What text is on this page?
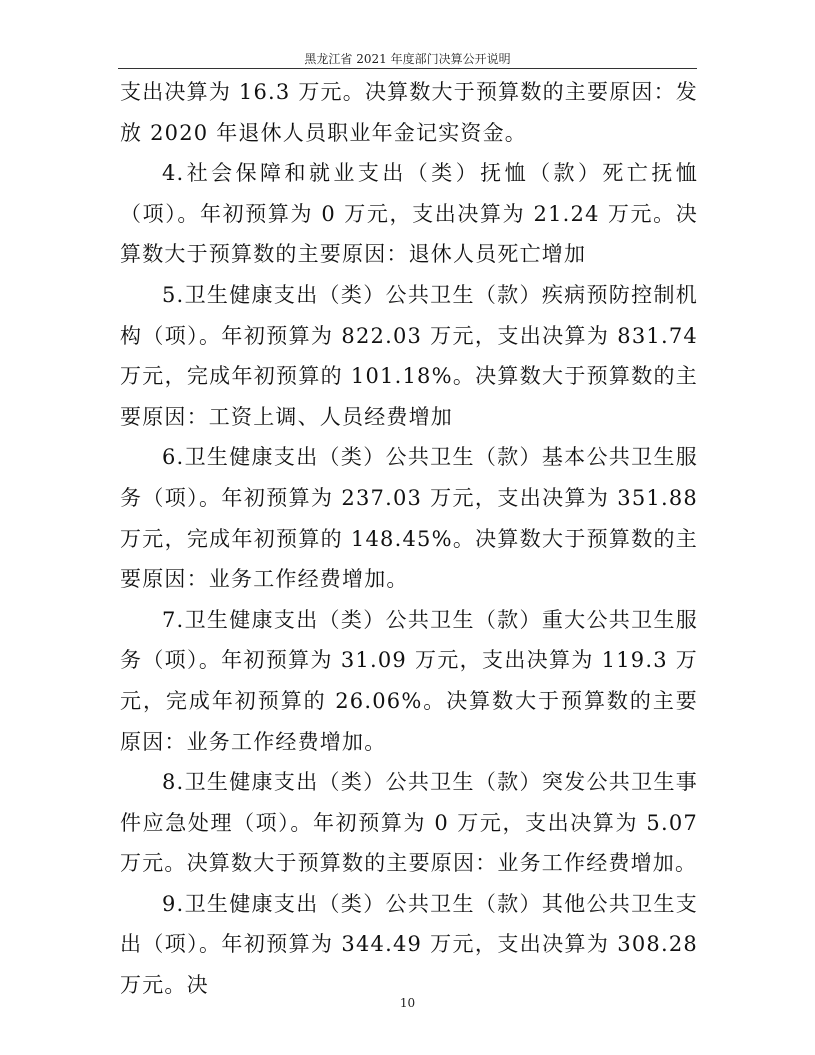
黑龙江省 2021 年度部门决算公开说明

支出决算为 16.3 万元。决算数大于预算数的主要原因：发放 2020 年退休人员职业年金记实资金。

4.社会保障和就业支出（类）抚恤（款）死亡抚恤（项）。年初预算为 0 万元，支出决算为 21.24 万元。决算数大于预算数的主要原因：退休人员死亡增加

5.卫生健康支出（类）公共卫生（款）疾病预防控制机构（项）。年初预算为 822.03 万元，支出决算为 831.74 万元，完成年初预算的 101.18%。决算数大于预算数的主要原因：工资上调、人员经费增加

6.卫生健康支出（类）公共卫生（款）基本公共卫生服务（项）。年初预算为 237.03 万元，支出决算为 351.88 万元，完成年初预算的 148.45%。决算数大于预算数的主要原因：业务工作经费增加。

7.卫生健康支出（类）公共卫生（款）重大公共卫生服务（项）。年初预算为 31.09 万元，支出决算为 119.3 万元，完成年初预算的 26.06%。决算数大于预算数的主要原因：业务工作经费增加。

8.卫生健康支出（类）公共卫生（款）突发公共卫生事件应急处理（项）。年初预算为 0 万元，支出决算为 5.07 万元。决算数大于预算数的主要原因：业务工作经费增加。

9.卫生健康支出（类）公共卫生（款）其他公共卫生支出（项）。年初预算为 344.49 万元，支出决算为 308.28 万元。决

10
